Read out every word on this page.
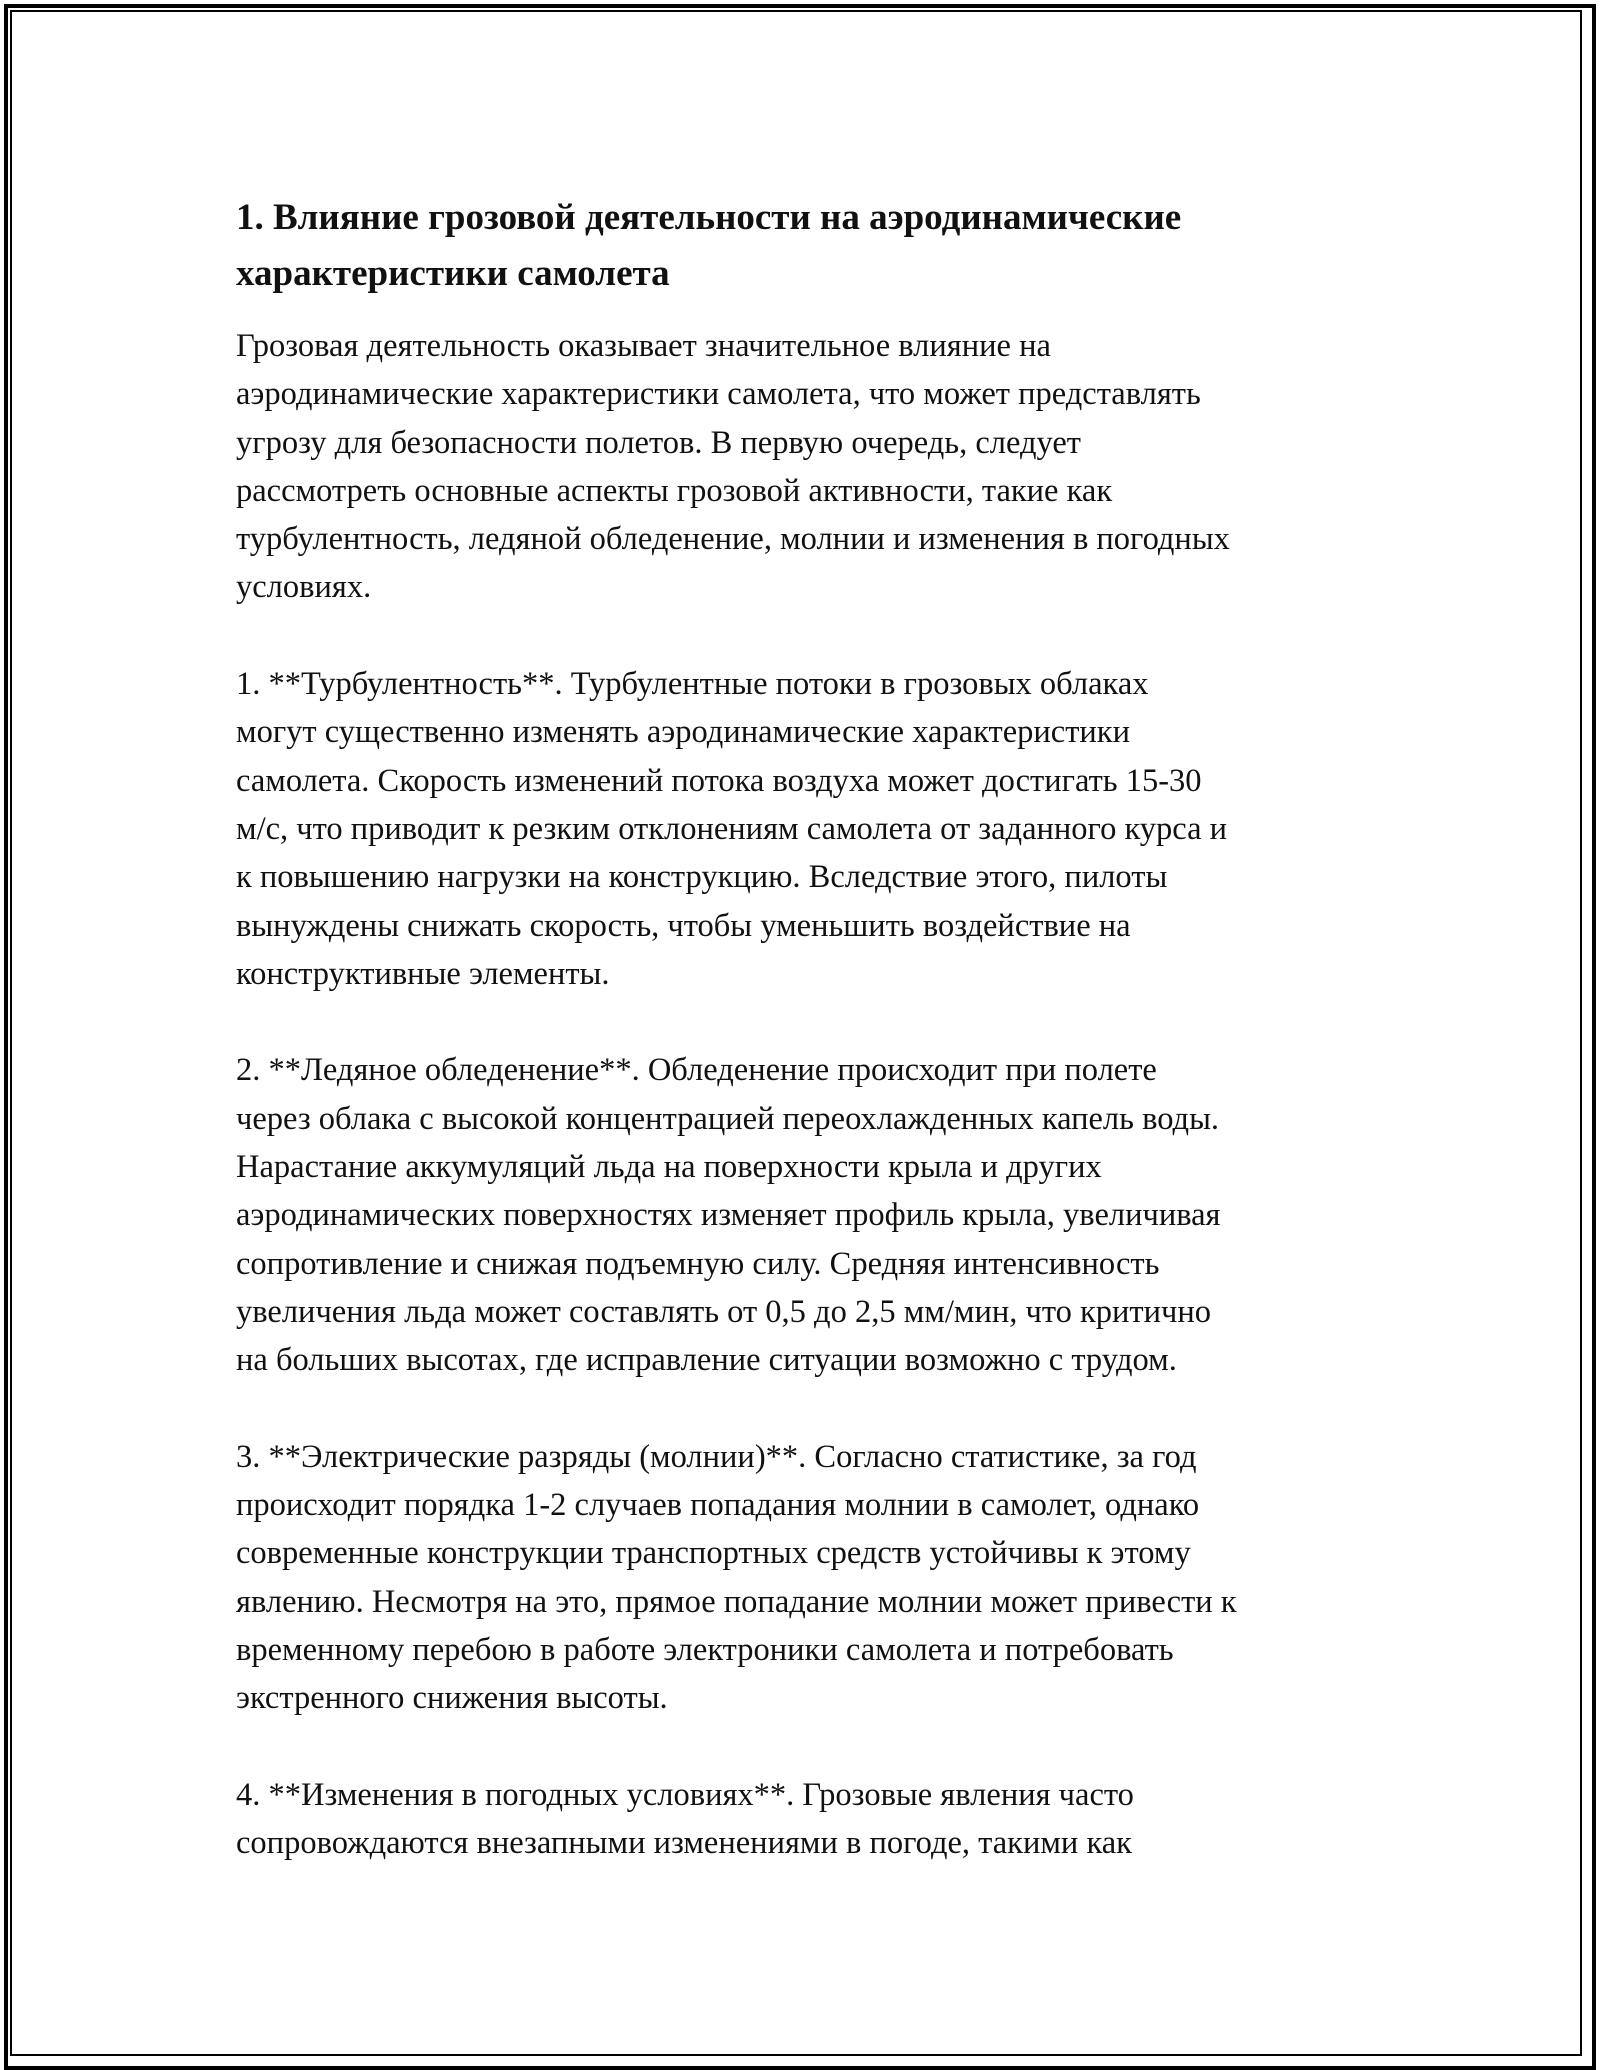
1. Влияние грозовой деятельности на аэродинамические
характеристики самолета

Грозовая деятельность оказывает значительное влияние на
аэродинамические характеристики самолета, что может представлять
угрозу для безопасности полетов. В первую очередь, следует
рассмотреть основные аспекты грозовой активности, такие как
турбулентность, ледяной обледенение, молнии и изменения в погодных
условиях.

1. **Турбулентность**. Турбулентные потоки в грозовых облаках
могут существенно изменять аэродинамические характеристики
самолета. Скорость изменений потока воздуха может достигать 15-30
м/с, что приводит к резким отклонениям самолета от заданного курса и
к повышению нагрузки на конструкцию. Вследствие этого, пилоты
вынуждены снижать скорость, чтобы уменьшить воздействие на
конструктивные элементы.

2. **Ледяное обледенение**. Обледенение происходит при полете
через облака с высокой концентрацией переохлажденных капель воды.
Нарастание аккумуляций льда на поверхности крыла и других
аэродинамических поверхностях изменяет профиль крыла, увеличивая
сопротивление и снижая подъемную силу. Средняя интенсивность
увеличения льда может составлять от 0,5 до 2,5 мм/мин, что критично
на больших высотах, где исправление ситуации возможно с трудом.

3. **Электрические разряды (молнии)**. Согласно статистике, за год
происходит порядка 1-2 случаев попадания молнии в самолет, однако
современные конструкции транспортных средств устойчивы к этому
явлению. Несмотря на это, прямое попадание молнии может привести к
временному перебою в работе электроники самолета и потребовать
экстренного снижения высоты.

4. **Изменения в погодных условиях**. Грозовые явления часто
сопровождаются внезапными изменениями в погоде, такими как
